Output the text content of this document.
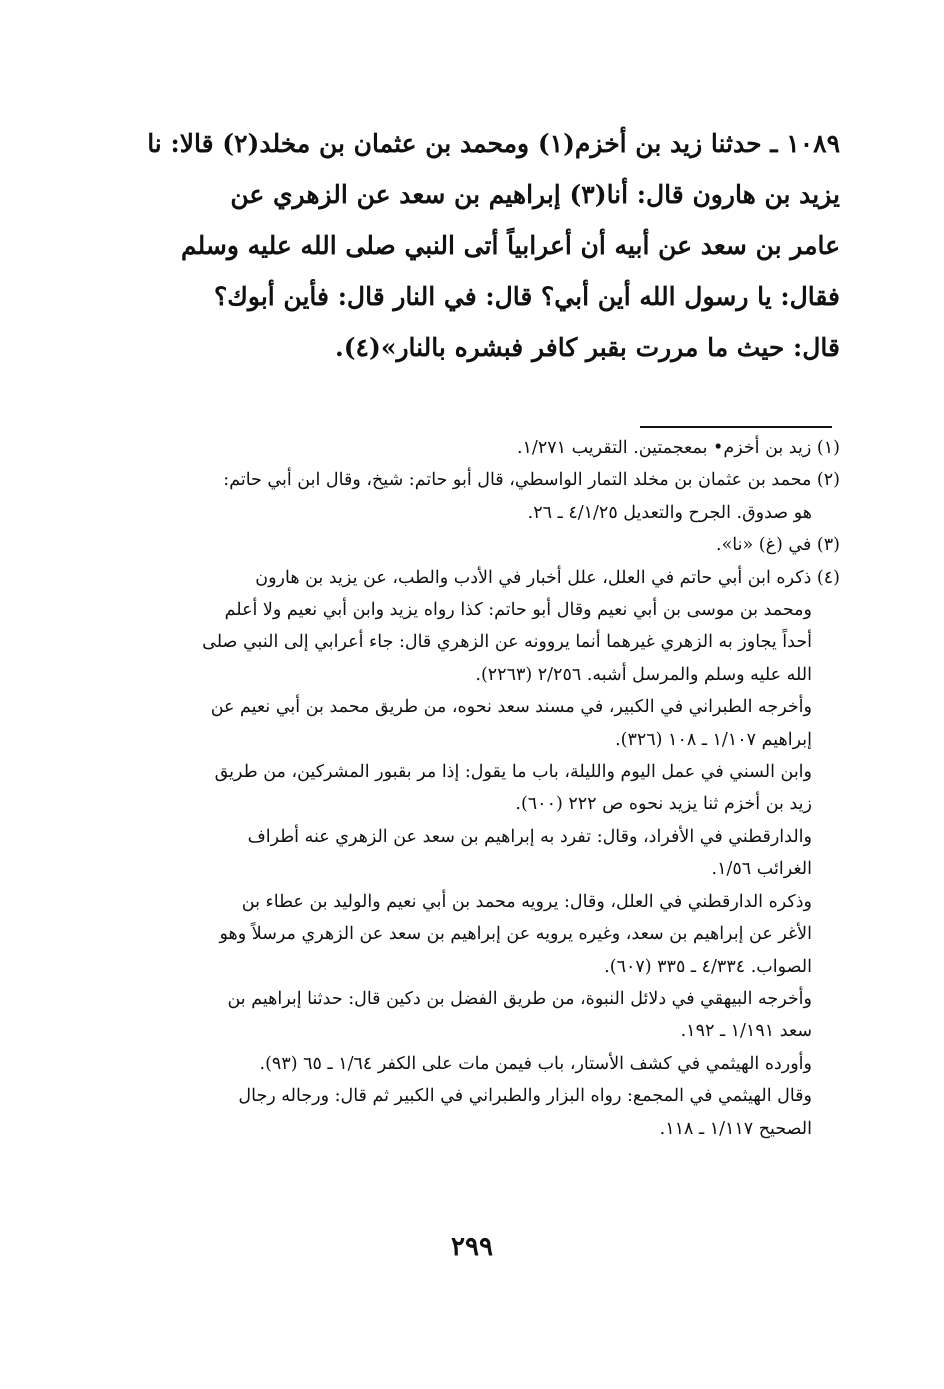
١٠٨٩ ـ حدثنا زيد بن أخزم(١) ومحمد بن عثمان بن مخلد(٢) قالا: نا
يزيد بن هارون قال: أنا(٣) إبراهيم بن سعد عن الزهري عن
عامر بن سعد عن أبيه أن أعرابياً أتى النبي صلى الله عليه وسلم
فقال: يا رسول الله أين أبي؟ قال: في النار قال: فأين أبوك؟
قال: حيث ما مررت بقبر كافر فبشره بالنار»(٤).
(١) زيد بن أخزم• بمعجمتين. التقريب ١/٢٧١.
(٢) محمد بن عثمان بن مخلد التمار الواسطي، قال أبو حاتم: شيخ، وقال ابن أبي حاتم:
هو صدوق. الجرح والتعديل ٤/١/٢٥ ـ ٢٦.
(٣) في (غ) «نا».
(٤) ذكره ابن أبي حاتم في العلل، علل أخبار في الأدب والطب، عن يزيد بن هارون
ومحمد بن موسى بن أبي نعيم وقال أبو حاتم: كذا رواه يزيد وابن أبي نعيم ولا أعلم
أحداً يجاوز به الزهري غيرهما أنما يروونه عن الزهري قال: جاء أعرابي إلى النبي صلى
الله عليه وسلم والمرسل أشبه. ٢/٢٥٦ (٢٢٦٣).
وأخرجه الطبراني في الكبير، في مسند سعد نحوه، من طريق محمد بن أبي نعيم عن
إبراهيم ١/١٠٧ ـ ١٠٨ (٣٢٦).
وابن السني في عمل اليوم والليلة، باب ما يقول: إذا مر بقبور المشركين، من طريق
زيد بن أخزم ثنا يزيد نحوه ص ٢٢٢ (٦٠٠).
والدارقطني في الأفراد، وقال: تفرد به إبراهيم بن سعد عن الزهري عنه أطراف
الغرائب ١/٥٦.
وذكره الدارقطني في العلل، وقال: يرويه محمد بن أبي نعيم والوليد بن عطاء بن
الأغر عن إبراهيم بن سعد، وغيره يرويه عن إبراهيم بن سعد عن الزهري مرسلاً وهو
الصواب. ٤/٣٣٤ ـ ٣٣٥ (٦٠٧).
وأخرجه البيهقي في دلائل النبوة، من طريق الفضل بن دكين قال: حدثنا إبراهيم بن
سعد ١/١٩١ ـ ١٩٢.
وأورده الهيثمي في كشف الأستار، باب فيمن مات على الكفر ١/٦٤ ـ ٦٥ (٩٣).
وقال الهيثمي في المجمع: رواه البزار والطبراني في الكبير ثم قال: ورجاله رجال
الصحيح ١/١١٧ ـ ١١٨.
٢٩٩
